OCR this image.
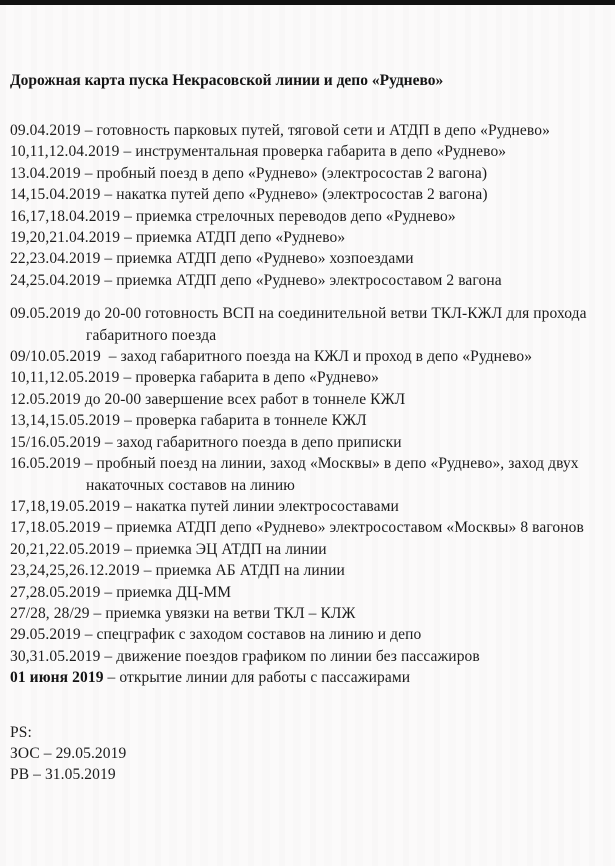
Дорожная карта пуска Некрасовской линии и депо «Руднево»
09.04.2019 – готовность парковых путей, тяговой сети и АТДП в депо «Руднево»
10,11,12.04.2019 – инструментальная проверка габарита в депо «Руднево»
13.04.2019 – пробный поезд в депо «Руднево» (электросостав 2 вагона)
14,15.04.2019 – накатка путей депо «Руднево» (электросостав 2 вагона)
16,17,18.04.2019 – приемка стрелочных переводов депо «Руднево»
19,20,21.04.2019 – приемка АТДП депо «Руднево»
22,23.04.2019 – приемка АТДП депо «Руднево» хозпоездами
24,25.04.2019 – приемка АТДП депо «Руднево» электросоставом 2 вагона
09.05.2019 до 20-00 готовность ВСП на соединительной ветви ТКЛ-КЖЛ для прохода
габаритного поезда
09/10.05.2019  – заход габаритного поезда на КЖЛ и проход в депо «Руднево»
10,11,12.05.2019 – проверка габарита в депо «Руднево»
12.05.2019 до 20-00 завершение всех работ в тоннеле КЖЛ
13,14,15.05.2019 – проверка габарита в тоннеле КЖЛ
15/16.05.2019 – заход габаритного поезда в депо приписки
16.05.2019 – пробный поезд на линии, заход «Москвы» в депо «Руднево», заход двух
накаточных составов на линию
17,18,19.05.2019 – накатка путей линии электросоставами
17,18.05.2019 – приемка АТДП депо «Руднево» электросоставом «Москвы» 8 вагонов
20,21,22.05.2019 – приемка ЭЦ АТДП на линии
23,24,25,26.12.2019 – приемка АБ АТДП на линии
27,28.05.2019 – приемка ДЦ-ММ
27/28, 28/29 – приемка увязки на ветви ТКЛ – КЛЖ
29.05.2019 – спецграфик с заходом составов на линию и депо
30,31.05.2019 – движение поездов графиком по линии без пассажиров
01 июня 2019 – открытие линии для работы с пассажирами
PS:
ЗОС – 29.05.2019
РВ – 31.05.2019
